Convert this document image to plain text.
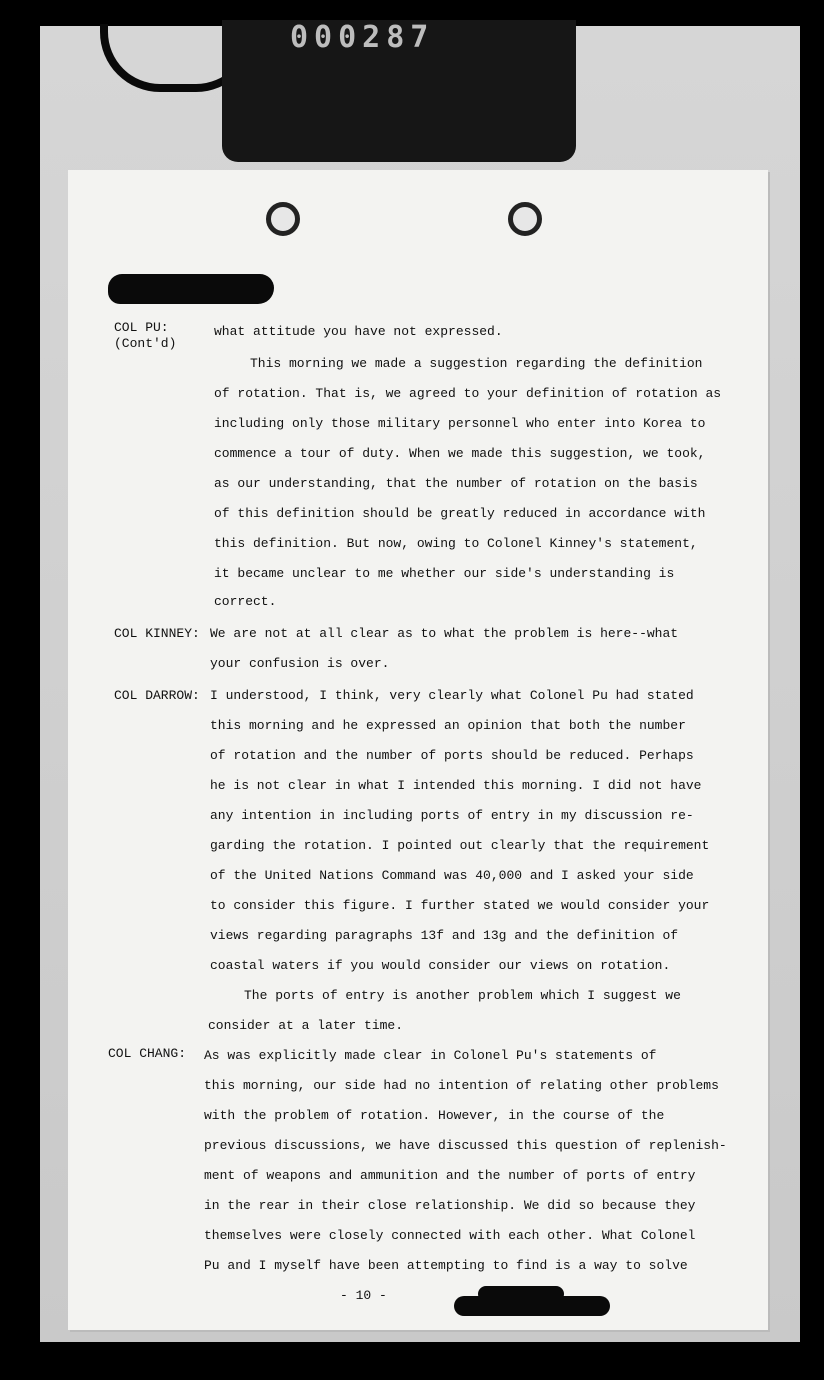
000287
COL PU:
(Cont'd)
what attitude you have not expressed.
This morning we made a suggestion regarding the definition
of rotation. That is, we agreed to your definition of rotation as
including only those military personnel who enter into Korea to
commence a tour of duty. When we made this suggestion, we took,
as our understanding, that the number of rotation on the basis
of this definition should be greatly reduced in accordance with
this definition. But now, owing to Colonel Kinney's statement,
it became unclear to me whether our side's understanding is
correct.
COL KINNEY: We are not at all clear as to what the problem is here--what
your confusion is over.
COL DARROW: I understood, I think, very clearly what Colonel Pu had stated
this morning and he expressed an opinion that both the number
of rotation and the number of ports should be reduced. Perhaps
he is not clear in what I intended this morning. I did not have
any intention in including ports of entry in my discussion re-
garding the rotation. I pointed out clearly that the requirement
of the United Nations Command was 40,000 and I asked your side
to consider this figure. I further stated we would consider your
views regarding paragraphs 13f and 13g and the definition of
coastal waters if you would consider our views on rotation.
The ports of entry is another problem which I suggest we
consider at a later time.
COL CHANG: As was explicitly made clear in Colonel Pu's statements of
this morning, our side had no intention of relating other problems
with the problem of rotation. However, in the course of the
previous discussions, we have discussed this question of replenish-
ment of weapons and ammunition and the number of ports of entry
in the rear in their close relationship. We did so because they
themselves were closely connected with each other. What Colonel
Pu and I myself have been attempting to find is a way to solve
- 10 -
